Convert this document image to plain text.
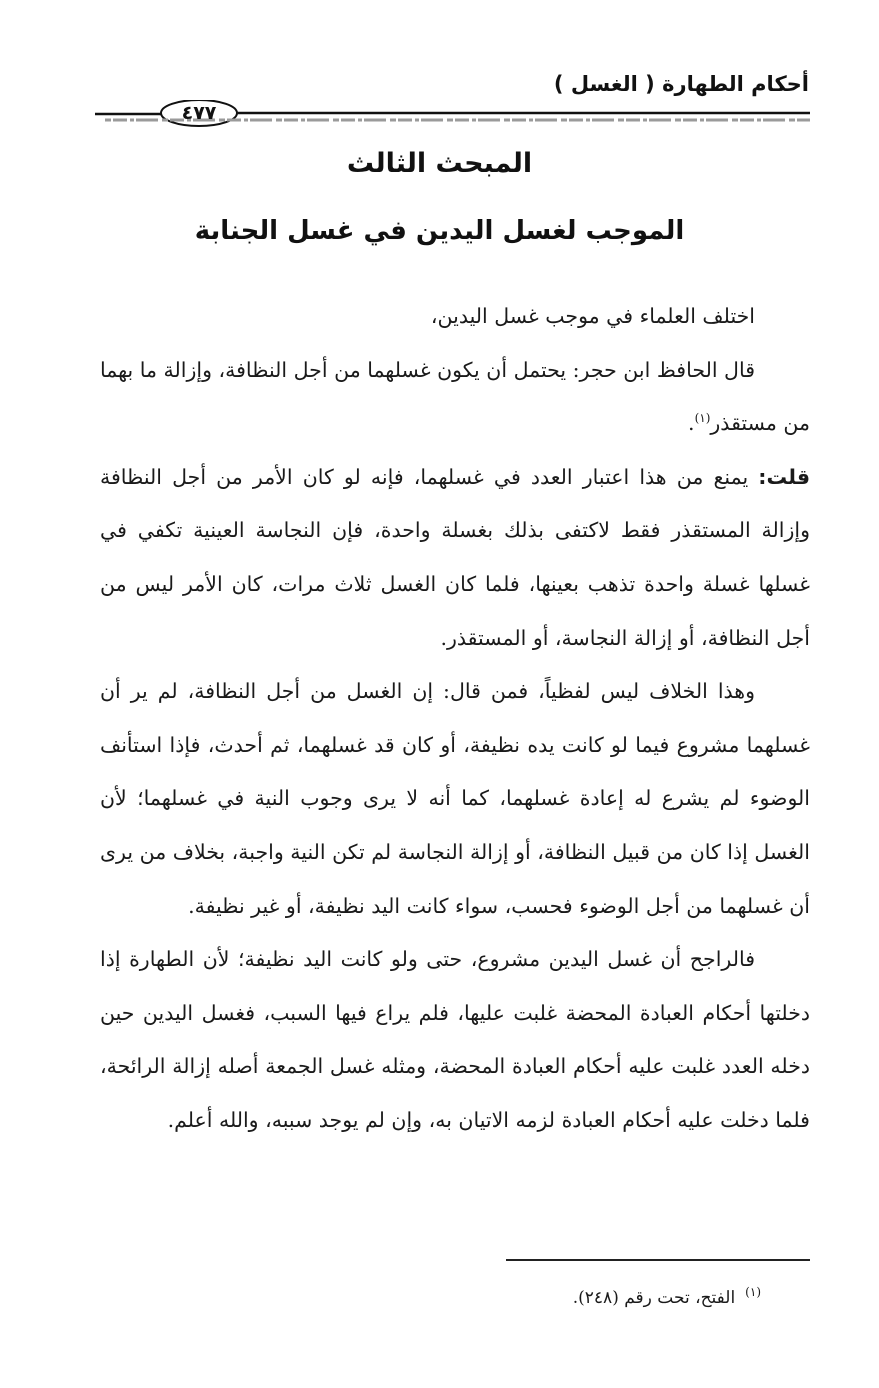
أحكام الطهارة ( الغسل )
٤٧٧
المبحث الثالث
الموجب لغسل اليدين في غسل الجنابة

اختلف العلماء في موجب غسل اليدين،

قال الحافظ ابن حجر: يحتمل أن يكون غسلهما من أجل النظافة، وإزالة ما بهما من مستقذر$^{(١)}$.

قلت: يمنع من هذا اعتبار العدد في غسلهما، فإنه لو كان الأمر من أجل النظافة وإزالة المستقذر فقط لاكتفى بذلك بغسلة واحدة، فإن النجاسة العينية تكفي في غسلها غسلة واحدة تذهب بعينها، فلما كان الغسل ثلاث مرات، كان الأمر ليس من أجل النظافة، أو إزالة النجاسة، أو المستقذر.

وهذا الخلاف ليس لفظياً، فمن قال: إن الغسل من أجل النظافة، لم ير أن غسلهما مشروع فيما لو كانت يده نظيفة، أو كان قد غسلهما، ثم أحدث، فإذا استأنف الوضوء لم يشرع له إعادة غسلهما، كما أنه لا يرى وجوب النية في غسلهما؛ لأن الغسل إذا كان من قبيل النظافة، أو إزالة النجاسة لم تكن النية واجبة، بخلاف من يرى أن غسلهما من أجل الوضوء فحسب، سواء كانت اليد نظيفة، أو غير نظيفة.

فالراجح أن غسل اليدين مشروع، حتى ولو كانت اليد نظيفة؛ لأن الطهارة إذا دخلتها أحكام العبادة المحضة غلبت عليها، فلم يراع فيها السبب، فغسل اليدين حين دخله العدد غلبت عليه أحكام العبادة المحضة، ومثله غسل الجمعة أصله إزالة الرائحة، فلما دخلت عليه أحكام العبادة لزمه الاتيان به، وإن لم يوجد سببه، والله أعلم.

$^{(١)}$الفتح، تحت رقم (٢٤٨).
